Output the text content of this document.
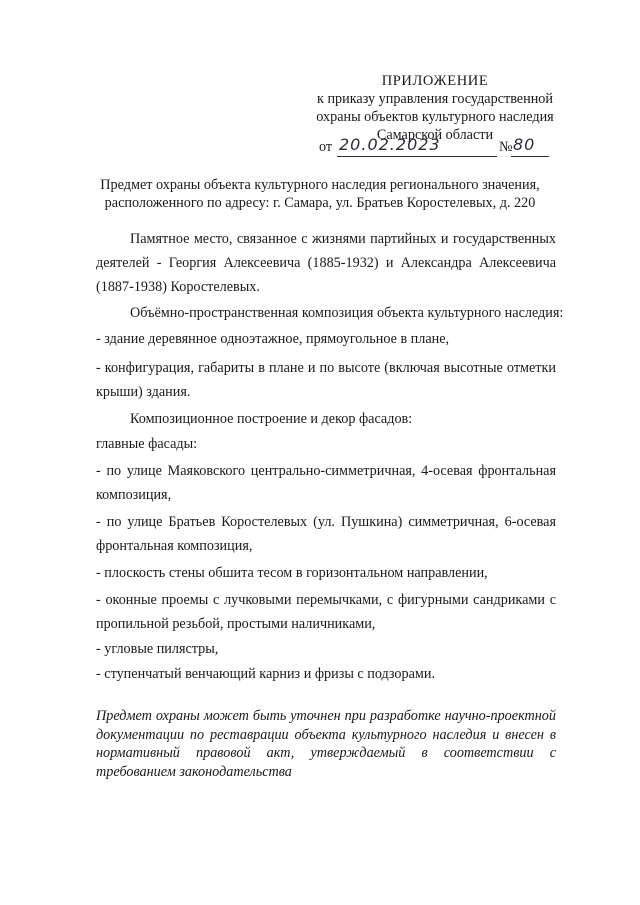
ПРИЛОЖЕНИЕ
к приказу управления государственной
охраны объектов культурного наследия
Самарской области
от 20.02.2023	№ 80
Предмет охраны объекта культурного наследия регионального значения,
расположенного по адресу: г. Самара, ул. Братьев Коростелевых, д. 220
Памятное место, связанное с жизнями партийных и государственных деятелей - Георгия Алексеевича (1885-1932) и Александра Алексеевича (1887-1938) Коростелевых.
Объёмно-пространственная композиция объекта культурного наследия:
- здание деревянное одноэтажное, прямоугольное в плане,
- конфигурация, габариты в плане и по высоте (включая высотные отметки крыши) здания.
Композиционное построение и декор фасадов:
главные фасады:
- по улице Маяковского центрально-симметричная, 4-осевая фронтальная композиция,
- по улице Братьев Коростелевых (ул. Пушкина) симметричная, 6-осевая фронтальная композиция,
- плоскость стены обшита тесом в горизонтальном направлении,
- оконные проемы с лучковыми перемычками, с фигурными сандриками с пропильной резьбой, простыми наличниками,
- угловые пилястры,
- ступенчатый венчающий карниз и фризы с подзорами.
Предмет охраны может быть уточнен при разработке научно-проектной документации по реставрации объекта культурного наследия и внесен в нормативный правовой акт, утверждаемый в соответствии с требованием законодательства
